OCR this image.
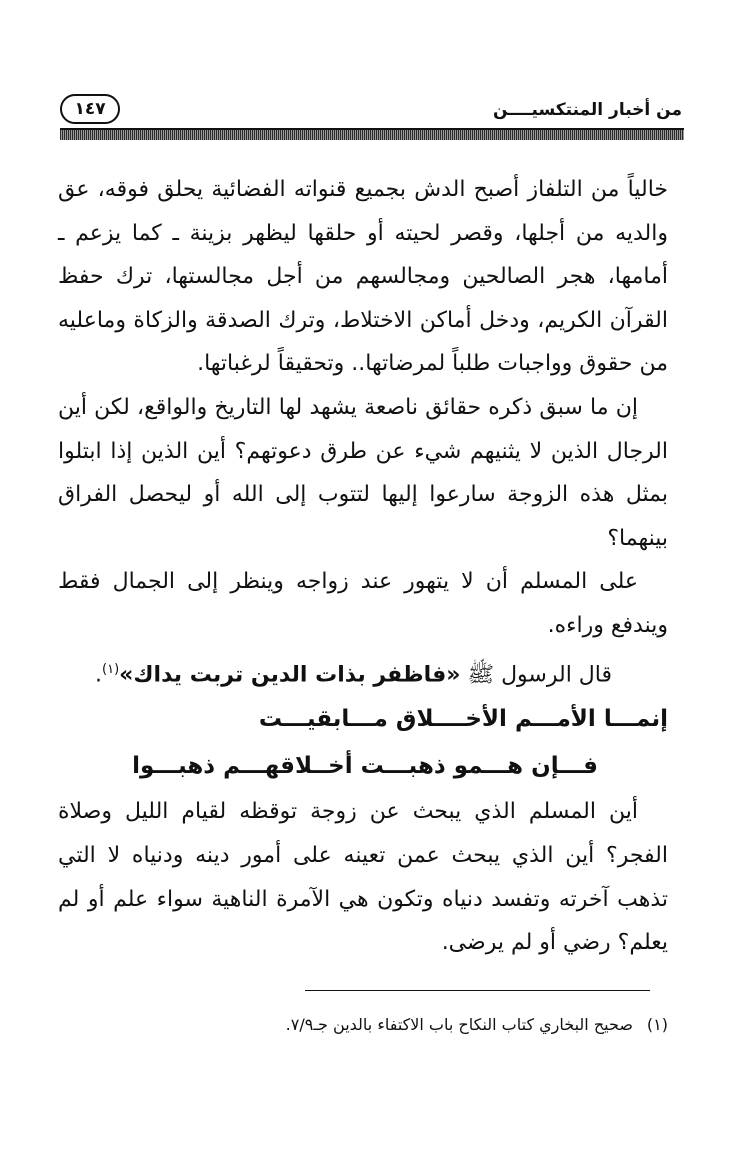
١٤٧	من أخبار المنتكسيــــن

خالياً من التلفاز أصبح الدش بجميع قنواته الفضائية يحلق فوقه، عق والديه من أجلها، وقصر لحيته أو حلقها ليظهر بزينة ـ كما يزعم ـ أمامها، هجر الصالحين ومجالسهم من أجل مجالستها، ترك حفظ القرآن الكريم، ودخل أماكن الاختلاط، وترك الصدقة والزكاة وماعليه من حقوق وواجبات طلباً لمرضاتها.. وتحقيقاً لرغباتها.

إن ما سبق ذكره حقائق ناصعة يشهد لها التاريخ والواقع، لكن أين الرجال الذين لا يثنيهم شيء عن طرق دعوتهم؟ أين الذين إذا ابتلوا بمثل هذه الزوجة سارعوا إليها لتتوب إلى الله أو ليحصل الفراق بينهما؟

على المسلم أن لا يتهور عند زواجه وينظر إلى الجمال فقط ويندفع وراءه.

قال الرسول ﷺ «فاظفر بذات الدين تربت يداك»$^{(١)}$.

إنمـــا الأمـــم الأخــــلاق مـــابقيـــت
فـــإن هـــمو ذهبـــت أخــلاقهـــم ذهبـــوا

أين المسلم الذي يبحث عن زوجة توقظه لقيام الليل وصلاة الفجر؟ أين الذي يبحث عمن تعينه على أمور دينه ودنياه لا التي تذهب آخرته وتفسد دنياه وتكون هي الآمرة الناهية سواء علم أو لم يعلم؟ رضي أو لم يرضى.

(١)صحيح البخاري كتاب النكاح باب الاكتفاء بالدين جـ٧/٩.
